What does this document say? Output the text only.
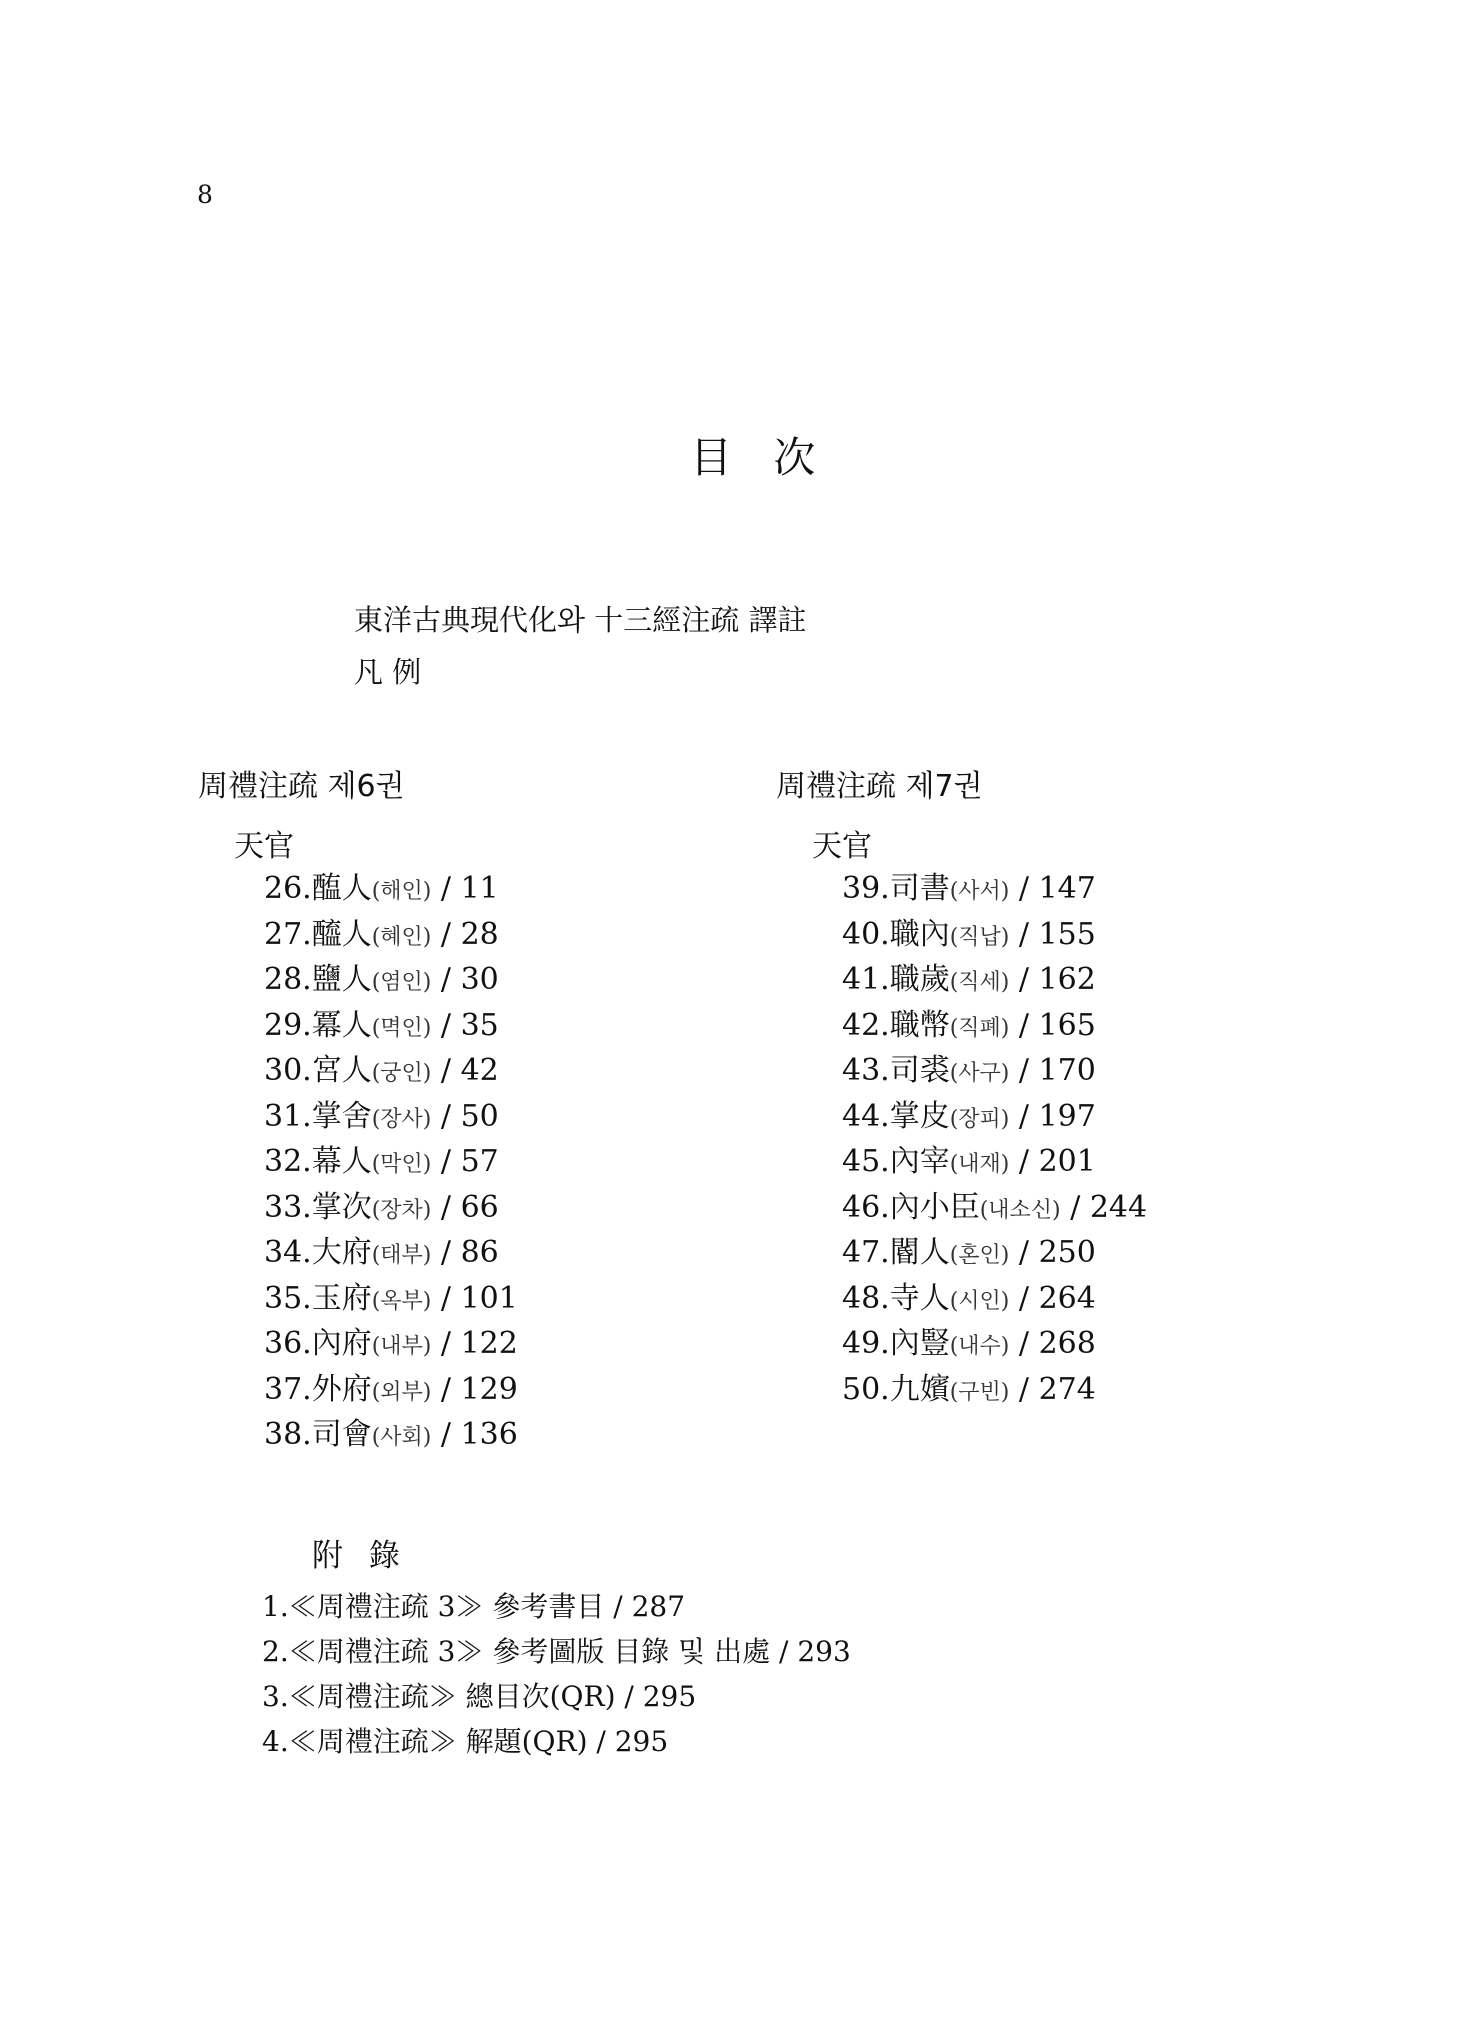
8
目 次
東洋古典現代化와 十三經注疏 譯註
凡 例
周禮注疏 제6권
天官
26.醢人(해인) / 11
27.醯人(혜인) / 28
28.鹽人(염인) / 30
29.冪人(멱인) / 35
30.宮人(궁인) / 42
31.掌舍(장사) / 50
32.幕人(막인) / 57
33.掌次(장차) / 66
34.大府(태부) / 86
35.玉府(옥부) / 101
36.內府(내부) / 122
37.外府(외부) / 129
38.司會(사회) / 136
周禮注疏 제7권
天官
39.司書(사서) / 147
40.職內(직납) / 155
41.職歲(직세) / 162
42.職幣(직폐) / 165
43.司裘(사구) / 170
44.掌皮(장피) / 197
45.內宰(내재) / 201
46.內小臣(내소신) / 244
47.閽人(혼인) / 250
48.寺人(시인) / 264
49.內豎(내수) / 268
50.九嬪(구빈) / 274
附 錄
1.≪周禮注疏 3≫ 參考書目 / 287
2.≪周禮注疏 3≫ 參考圖版 目錄 및 出處 / 293
3.≪周禮注疏≫ 總目次(QR) / 295
4.≪周禮注疏≫ 解題(QR) / 295
